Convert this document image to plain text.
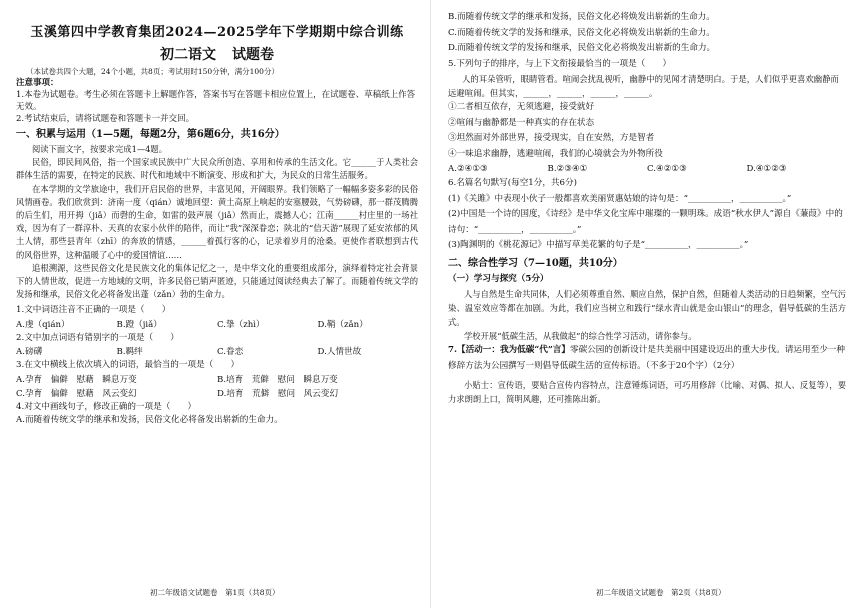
玉溪第四中学教育集团2024—2025学年下学期期中综合训练
初二语文 试题卷
（本试卷共四个大题，24个小题，共8页；考试用时150分钟，满分100分）
注意事项：
1.本卷为试题卷。考生必须在答题卡上解题作答，答案书写在答题卡相应位置上，在试题卷、草稿纸上作答无效。
2.考试结束后，请将试题卷和答题卡一并交回。
一、积累与运用（1—5题，每题2分，第6题6分，共16分）
阅读下面文字，按要求完成1—4题。
民俗，即民间风俗，指一个国家或民族中广大民众所创造、享用和传承的生活文化。它______于人类社会群体生活的需要，在特定的民族、时代和地域中不断演变、形成和扩大，为民众的日常生活服务。
在本学期的文学旅途中，我们开启民俗的世界，丰富见闻，开阔眼界。我们领略了一幅幅多姿多彩的民俗风情画卷。我们欣赏到：济南一度（qián）诚地回望：黄土高原上响起的安塞腰鼓，气势磅礴，那一群茂腾腾的后生们，用开拇（jiǎ）而磬的生命，如雷的鼓声展（jiǎ）然而止，震撼人心；江南______村庄里的一场社戏，因为有了一群淳朴、天真的农家小伙伴的陪伴，而让“我”深深眷恋；陕北的“信天游”展现了延安浓郁的风土人情，那些县青年（zhī）的奔放的情感，______着孤行客的心，记录着岁月的沧桑。更使作者联想到古代的风俗世界，这种温暖了心中的爱国情谊……
追根溯源，这些民俗文化是民族文化的集体记忆之一，是中华文化的重要组成部分，演绎着特定社会背景下的人情世故，促进一方地域的文明，许多民俗已销声匿迹，只能通过阅读经典去了解了。而随着传统文学的发扬和继承，民俗文化必将备发出蓬（zǎn）勃的生命力。
1.文中词语注音不正确的一项是（　　）
A.虔（qián）	B.蹬（jiǎ）	C.挚（zhì）	D.鞘（zǎn）
2.文中加点词语有错别字的一项是（　　）
A.磅礴	B.羁绊	C.眷恋	D.人情世故
3.在文中横线上依次填入的词语，最恰当的一项是（　　）
A.孕育　偏僻　慰藉　瞬息万变	B.培育　荒僻　慰问　瞬息万变
C.孕育　偏僻　慰藉　风云变幻	D.培育　荒僻　慰问　风云变幻
4.对文中画线句子，修改正确的一项是（　　）
A.而随着传统文学的继承和发扬，民俗文化必将备发出崭新的生命力。
初二年级语文试题卷　第1页（共8页）
B.而随着传统文学的继承和发扬，民俗文化必将焕发出崭新的生命力。
C.而随着传统文学的发扬和继承，民俗文化必将焕发出崭新的生命力。
D.而随着传统文学的发扬和继承，民俗文化必将焕发出崭新的生命力。
5.下列句子的排序，与上下文衔接最恰当的一项是（　　）
人的耳朵管听，眼睛管看。喧闹会扰乱视听，幽静中的见闻才清楚明白。于是，人们似乎更喜欢幽静而远避喧闹。但其实，______，______，______，______。
①二者相互依存，无须逃避，接受就好
②喧闹与幽静都是一种真实的存在状态
③坦然面对外部世界，接受现实，自在安然，方是智者
④一味追求幽静，逃避喧闹，我们的心境就会为外物所役
A.②④①③	B.②③④①	C.④②①③	D.④①②③
6.名篇名句默写(每空1分，共6分)
(1)《关雎》中表现小伙子一般都喜欢美丽贤惠姑娘的诗句是：“__________，__________。”
(2)中国是一个诗的国度，《诗经》是中华文化宝库中璀璨的一颗明珠。成语“秋水伊人”源自《蒹葭》中的诗句：“__________，__________。”
(3)陶渊明的《桃花源记》中描写草美花繁的句子是“__________，__________。”
二、综合性学习（7—10题，共10分）
（一）学习与探究（5分）
人与自然是生命共同体，人们必须尊重自然、顺应自然，保护自然，但随着人类活动的日趋频繁，空气污染、温室效应等都在加剧。为此，我们应当树立和践行“绿水青山就是金山银山”的理念，倡导低碳的生活方式。
学校开展“低碳生活，从我做起”的综合性学习活动，请你参与。
7.【活动一：我为低碳“代”言】零碳公园的创新设计是共美丽中国建设迈出的重大步伐。请运用至少一种修辞方法为公园撰写一则倡导低碳生活的宣传标语。（不多于20个字）（2分）
小贴士：宣传语，要贴合宣传内容特点，注意锤炼词语，可巧用修辞（比喻、对偶、拟人、反复等），要力求朗朗上口，简明风趣，还可推陈出新。
初二年级语文试题卷　第2页（共8页）
